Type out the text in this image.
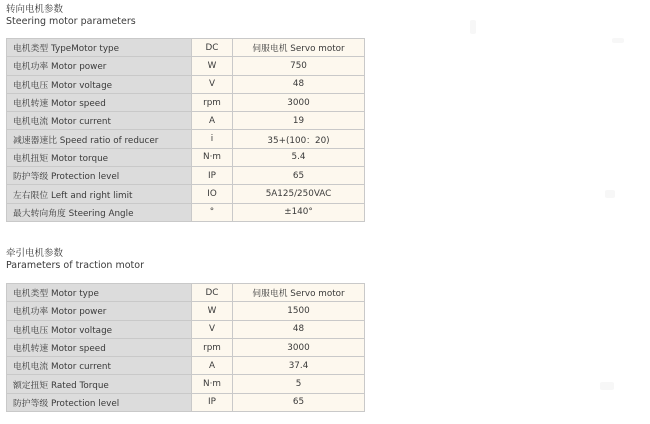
转向电机参数
Steering motor parameters
电机类型 TypeMotor type	DC	伺服电机 Servo motor
电机功率 Motor power	W	750
电机电压 Motor voltage	V	48
电机转速 Motor speed	rpm	3000
电机电流 Motor current	A	19
减速器速比 Speed ratio of reducer	i	35+(100：20)
电机扭矩 Motor torque	N·m	5.4
防护等级 Protection level	IP	65
左右限位 Left and right limit	IO	5A125/250VAC
最大转向角度 Steering Angle	°	±140°
牵引电机参数
Parameters of traction motor
电机类型 Motor type	DC	伺服电机 Servo motor
电机功率 Motor power	W	1500
电机电压 Motor voltage	V	48
电机转速 Motor speed	rpm	3000
电机电流 Motor current	A	37.4
额定扭矩 Rated Torque	N·m	5
防护等级 Protection level	IP	65
